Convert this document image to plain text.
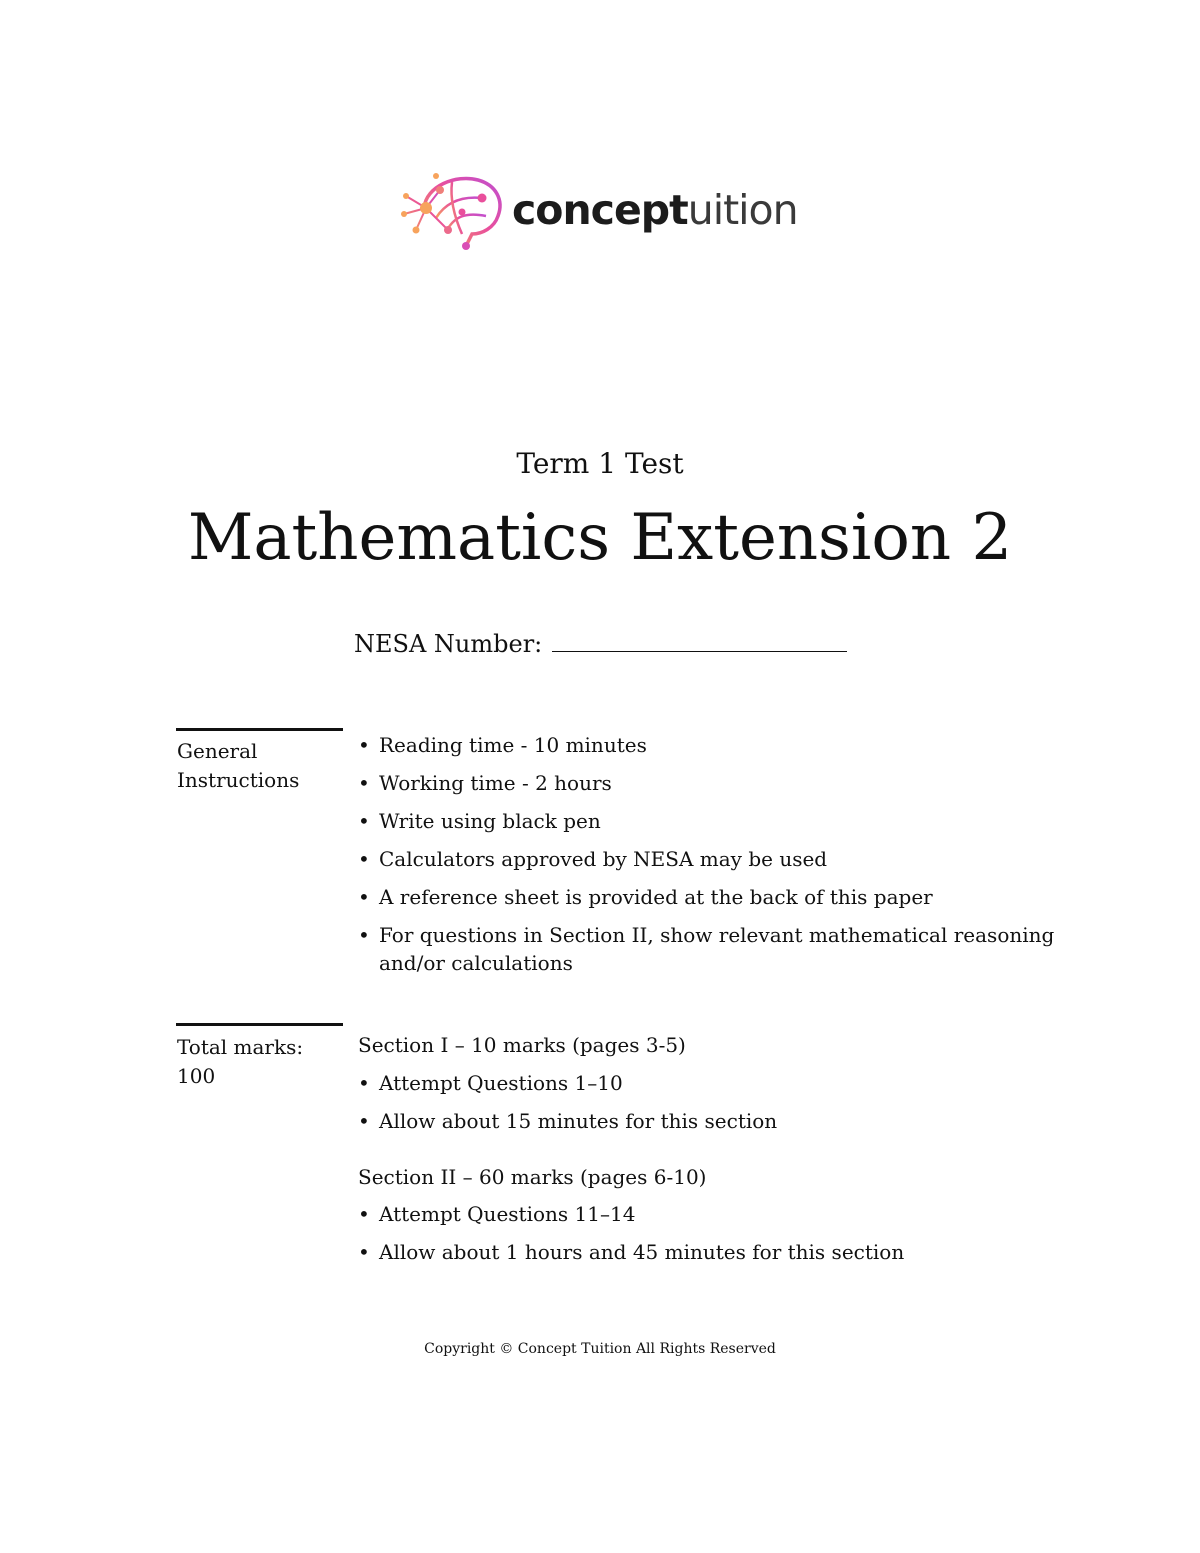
conceptuition
Term 1 Test
Mathematics Extension 2
NESA Number:
General
Instructions
• Reading time - 10 minutes
• Working time - 2 hours
• Write using black pen
• Calculators approved by NESA may be used
• A reference sheet is provided at the back of this paper
• For questions in Section II, show relevant mathematical reasoning and/or calculations
Total marks:
100
Section I – 10 marks (pages 3-5)
• Attempt Questions 1–10
• Allow about 15 minutes for this section
Section II – 60 marks (pages 6-10)
• Attempt Questions 11–14
• Allow about 1 hours and 45 minutes for this section
Copyright © Concept Tuition All Rights Reserved
